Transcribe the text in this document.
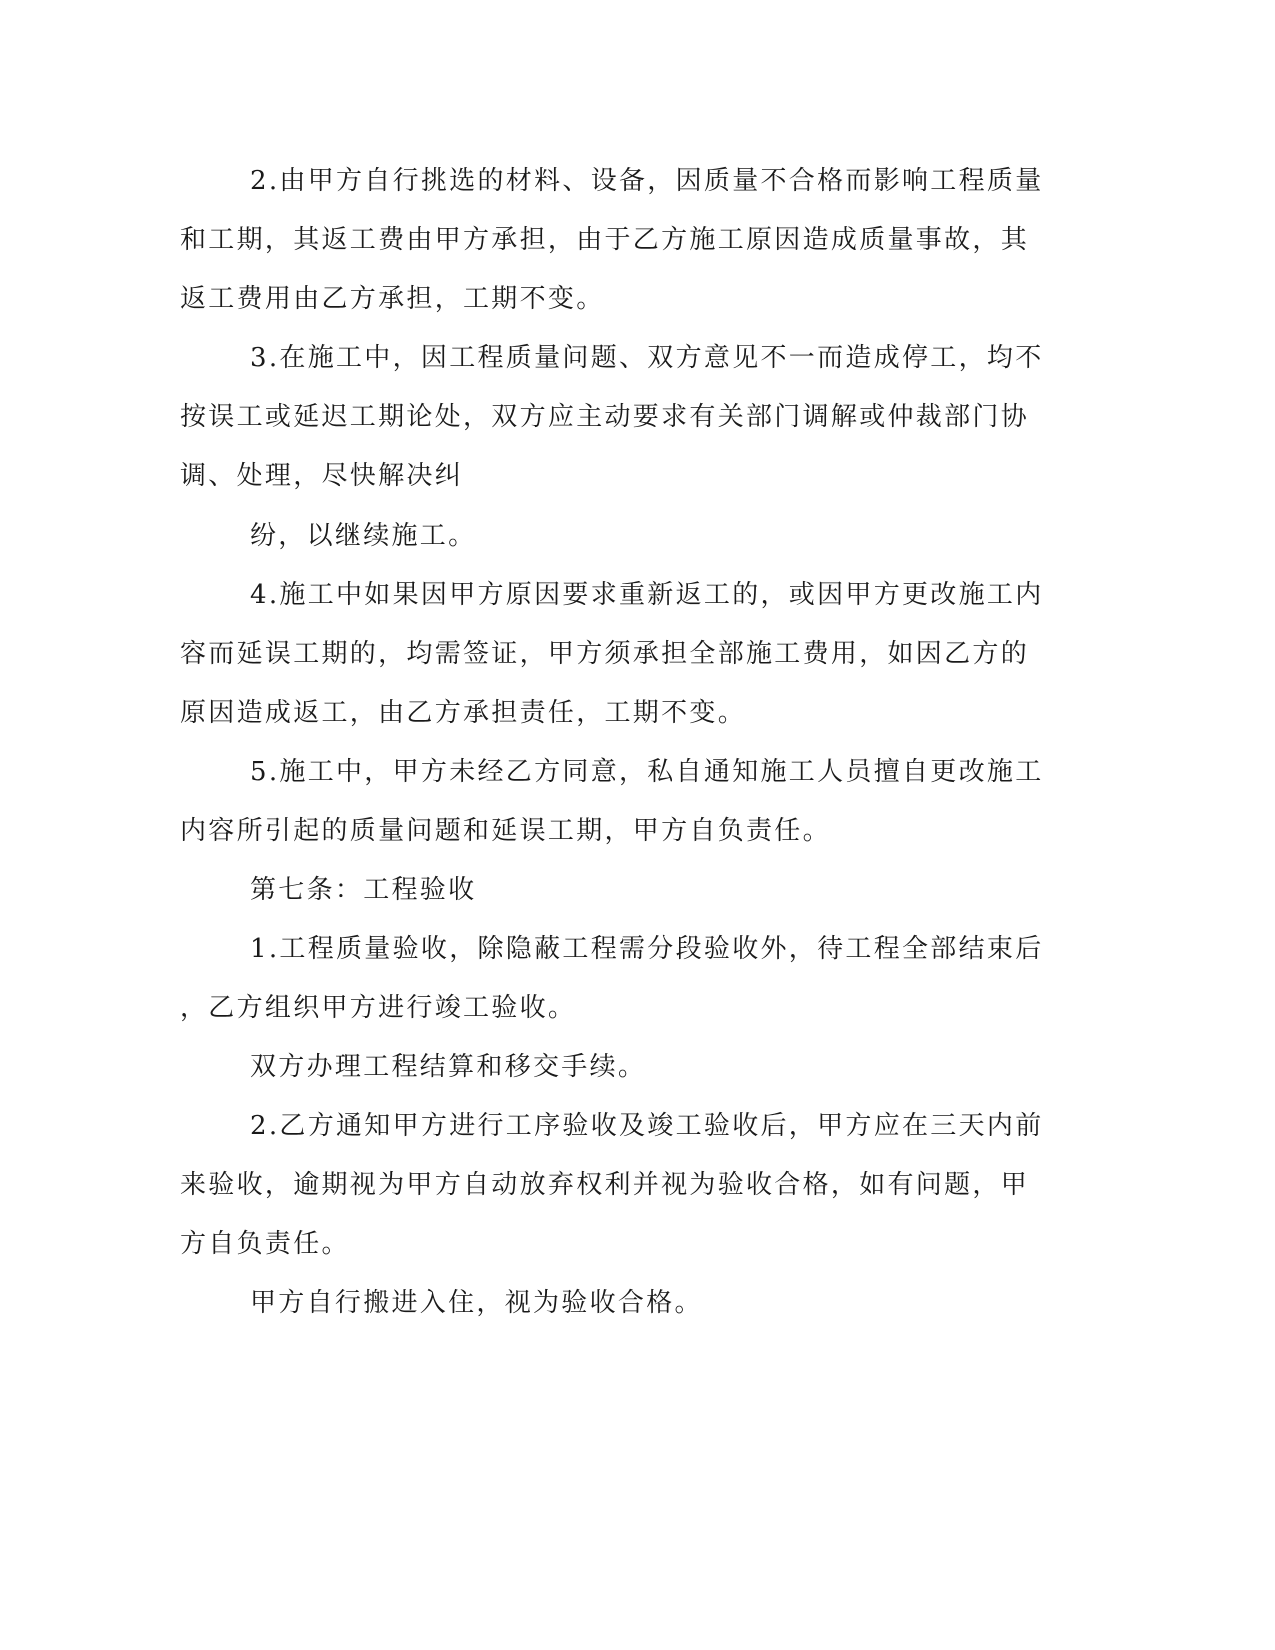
2.由甲方自行挑选的材料、设备，因质量不合格而影响工程质量
和工期，其返工费由甲方承担，由于乙方施工原因造成质量事故，其
返工费用由乙方承担，工期不变。
3.在施工中，因工程质量问题、双方意见不一而造成停工，均不
按误工或延迟工期论处，双方应主动要求有关部门调解或仲裁部门协
调、处理，尽快解决纠
纷，以继续施工。
4.施工中如果因甲方原因要求重新返工的，或因甲方更改施工内
容而延误工期的，均需签证，甲方须承担全部施工费用，如因乙方的
原因造成返工，由乙方承担责任，工期不变。
5.施工中，甲方未经乙方同意，私自通知施工人员擅自更改施工
内容所引起的质量问题和延误工期，甲方自负责任。
第七条：工程验收
1.工程质量验收，除隐蔽工程需分段验收外，待工程全部结束后
，乙方组织甲方进行竣工验收。
双方办理工程结算和移交手续。
2.乙方通知甲方进行工序验收及竣工验收后，甲方应在三天内前
来验收，逾期视为甲方自动放弃权利并视为验收合格，如有问题，甲
方自负责任。
甲方自行搬进入住，视为验收合格。
